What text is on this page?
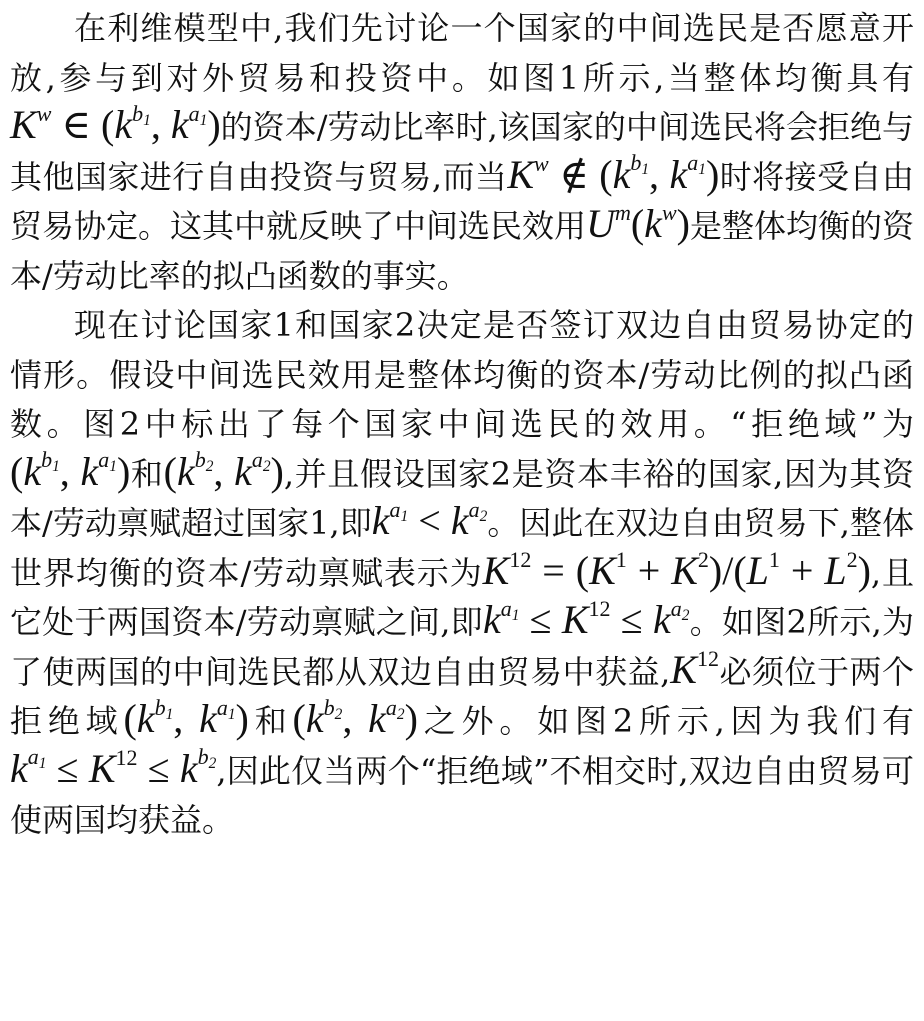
在利维模型中,我们先讨论一个国家的中间选民是否愿意开放,参与到对外贸易和投资中。如图1所示,当整体均衡具有$K^w$ ∈ ($k^{b_1}$, $k^{a_1}$)的资本/劳动比率时,该国家的中间选民将会拒绝与其他国家进行自由投资与贸易,而当$K^w$ ∉ ($k^{b_1}$, $k^{a_1}$)时将接受自由贸易协定。这其中就反映了中间选民效用$U^m(k^w)$是整体均衡的资本/劳动比率的拟凸函数的事实。

现在讨论国家1和国家2决定是否签订双边自由贸易协定的情形。假设中间选民效用是整体均衡的资本/劳动比例的拟凸函数。图2中标出了每个国家中间选民的效用。“拒绝域”为($k^{b_1}$, $k^{a_1}$)和($k^{b_2}$, $k^{a_2}$),并且假设国家2是资本丰裕的国家,因为其资本/劳动禀赋超过国家1,即$k^{a_1} < k^{a_2}$。因此在双边自由贸易下,整体世界均衡的资本/劳动禀赋表示为$K^{12} = (K^1 + K^2)/(L^1 + L^2)$,且它处于两国资本/劳动禀赋之间,即$k^{a_1} \le K^{12} \le k^{a_2}$。如图2所示,为了使两国的中间选民都从双边自由贸易中获益$,K^{12}$必须位于两个拒绝域($k^{b_1}$, $k^{a_1}$)和($k^{b_2}$, $k^{a_2}$)之外。如图2所示,因为我们有$k^{a_1} \le K^{12} \le k^{b_2}$,因此仅当两个“拒绝域”不相交时,双边自由贸易可使两国均获益。
